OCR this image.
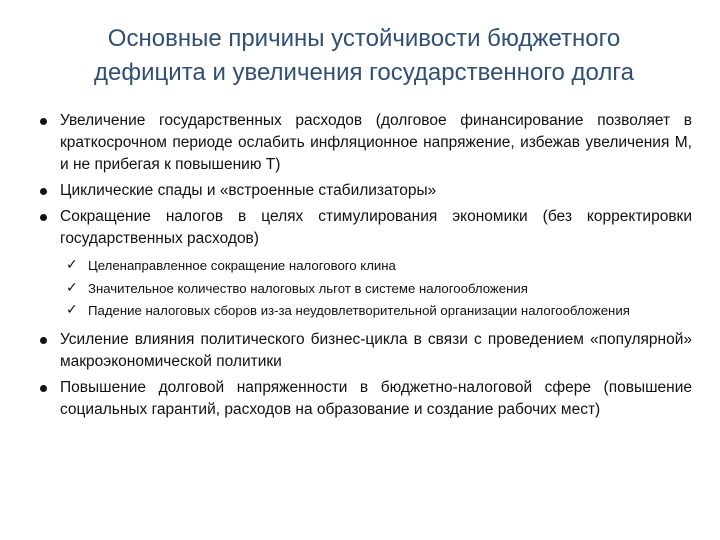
Основные причины устойчивости бюджетного
дефицита и увеличения государственного долга
Увеличение государственных расходов (долговое финансирование позволяет в краткосрочном периоде ослабить инфляционное напряжение, избежав увеличения M, и не прибегая к повышению T)
Циклические спады и «встроенные стабилизаторы»
Сокращение налогов в целях стимулирования экономики (без корректировки государственных расходов)
✓ Целенаправленное сокращение налогового клина
✓ Значительное количество налоговых льгот в системе налогообложения
✓ Падение налоговых сборов из-за неудовлетворительной организации налогообложения
Усиление влияния политического бизнес-цикла в связи с проведением «популярной» макроэкономической политики
Повышение долговой напряженности в бюджетно-налоговой сфере (повышение социальных гарантий, расходов на образование и создание рабочих мест)
